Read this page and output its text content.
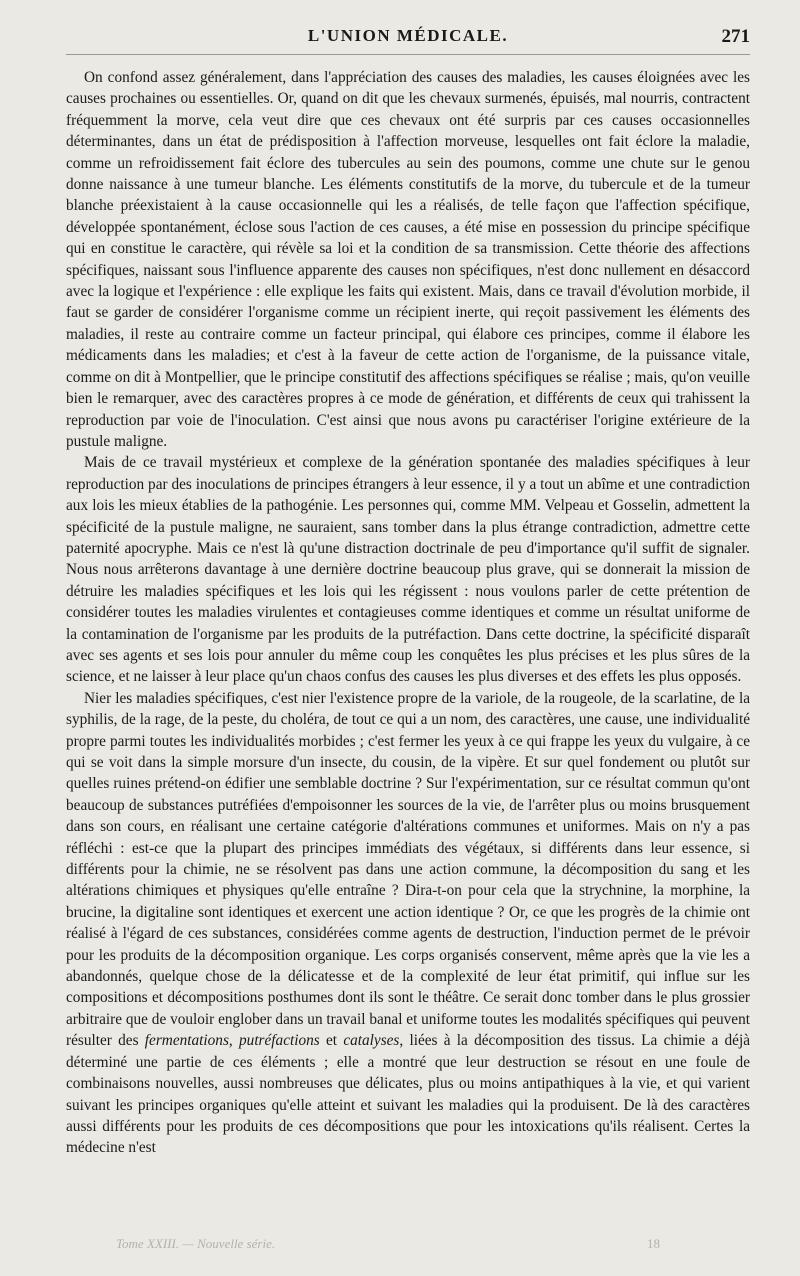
L'UNION MÉDICALE.	271

On confond assez généralement, dans l'appréciation des causes des maladies, les causes éloignées avec les causes prochaines ou essentielles. Or, quand on dit que les chevaux surmenés, épuisés, mal nourris, contractent fréquemment la morve, cela veut dire que ces chevaux ont été surpris par ces causes occasionnelles déterminantes, dans un état de prédisposition à l'affection morveuse, lesquelles ont fait éclore la maladie, comme un refroidissement fait éclore des tubercules au sein des poumons, comme une chute sur le genou donne naissance à une tumeur blanche. Les éléments constitutifs de la morve, du tubercule et de la tumeur blanche préexistaient à la cause occasionnelle qui les a réalisés, de telle façon que l'affection spécifique, développée spontanément, éclose sous l'action de ces causes, a été mise en possession du principe spécifique qui en constitue le caractère, qui révèle sa loi et la condition de sa transmission. Cette théorie des affections spécifiques, naissant sous l'influence apparente des causes non spécifiques, n'est donc nullement en désaccord avec la logique et l'expérience : elle explique les faits qui existent. Mais, dans ce travail d'évolution morbide, il faut se garder de considérer l'organisme comme un récipient inerte, qui reçoit passivement les éléments des maladies, il reste au contraire comme un facteur principal, qui élabore ces principes, comme il élabore les médicaments dans les maladies; et c'est à la faveur de cette action de l'organisme, de la puissance vitale, comme on dit à Montpellier, que le principe constitutif des affections spécifiques se réalise ; mais, qu'on veuille bien le remarquer, avec des caractères propres à ce mode de génération, et différents de ceux qui trahissent la reproduction par voie de l'inoculation. C'est ainsi que nous avons pu caractériser l'origine extérieure de la pustule maligne.

Mais de ce travail mystérieux et complexe de la génération spontanée des maladies spécifiques à leur reproduction par des inoculations de principes étrangers à leur essence, il y a tout un abîme et une contradiction aux lois les mieux établies de la pathogénie. Les personnes qui, comme MM. Velpeau et Gosselin, admettent la spécificité de la pustule maligne, ne sauraient, sans tomber dans la plus étrange contradiction, admettre cette paternité apocryphe. Mais ce n'est là qu'une distraction doctrinale de peu d'importance qu'il suffit de signaler. Nous nous arrêterons davantage à une dernière doctrine beaucoup plus grave, qui se donnerait la mission de détruire les maladies spécifiques et les lois qui les régissent : nous voulons parler de cette prétention de considérer toutes les maladies virulentes et contagieuses comme identiques et comme un résultat uniforme de la contamination de l'organisme par les produits de la putréfaction. Dans cette doctrine, la spécificité disparaît avec ses agents et ses lois pour annuler du même coup les conquêtes les plus précises et les plus sûres de la science, et ne laisser à leur place qu'un chaos confus des causes les plus diverses et des effets les plus opposés.

Nier les maladies spécifiques, c'est nier l'existence propre de la variole, de la rougeole, de la scarlatine, de la syphilis, de la rage, de la peste, du choléra, de tout ce qui a un nom, des caractères, une cause, une individualité propre parmi toutes les individualités morbides ; c'est fermer les yeux à ce qui frappe les yeux du vulgaire, à ce qui se voit dans la simple morsure d'un insecte, du cousin, de la vipère. Et sur quel fondement ou plutôt sur quelles ruines prétend-on édifier une semblable doctrine ? Sur l'expérimentation, sur ce résultat commun qu'ont beaucoup de substances putréfiées d'empoisonner les sources de la vie, de l'arrêter plus ou moins brusquement dans son cours, en réalisant une certaine catégorie d'altérations communes et uniformes. Mais on n'y a pas réfléchi : est-ce que la plupart des principes immédiats des végétaux, si différents dans leur essence, si différents pour la chimie, ne se résolvent pas dans une action commune, la décomposition du sang et les altérations chimiques et physiques qu'elle entraîne ? Dira-t-on pour cela que la strychnine, la morphine, la brucine, la digitaline sont identiques et exercent une action identique ? Or, ce que les progrès de la chimie ont réalisé à l'égard de ces substances, considérées comme agents de destruction, l'induction permet de le prévoir pour les produits de la décomposition organique. Les corps organisés conservent, même après que la vie les a abandonnés, quelque chose de la délicatesse et de la complexité de leur état primitif, qui influe sur les compositions et décompositions posthumes dont ils sont le théâtre. Ce serait donc tomber dans le plus grossier arbitraire que de vouloir englober dans un travail banal et uniforme toutes les modalités spécifiques qui peuvent résulter des fermentations, putréfactions et catalyses, liées à la décomposition des tissus. La chimie a déjà déterminé une partie de ces éléments ; elle a montré que leur destruction se résout en une foule de combinaisons nouvelles, aussi nombreuses que délicates, plus ou moins antipathiques à la vie, et qui varient suivant les principes organiques qu'elle atteint et suivant les maladies qui la produisent. De là des caractères aussi différents pour les produits de ces décompositions que pour les intoxications qu'ils réalisent. Certes la médecine n'est

Tome XXIII. — Nouvelle série.	18
